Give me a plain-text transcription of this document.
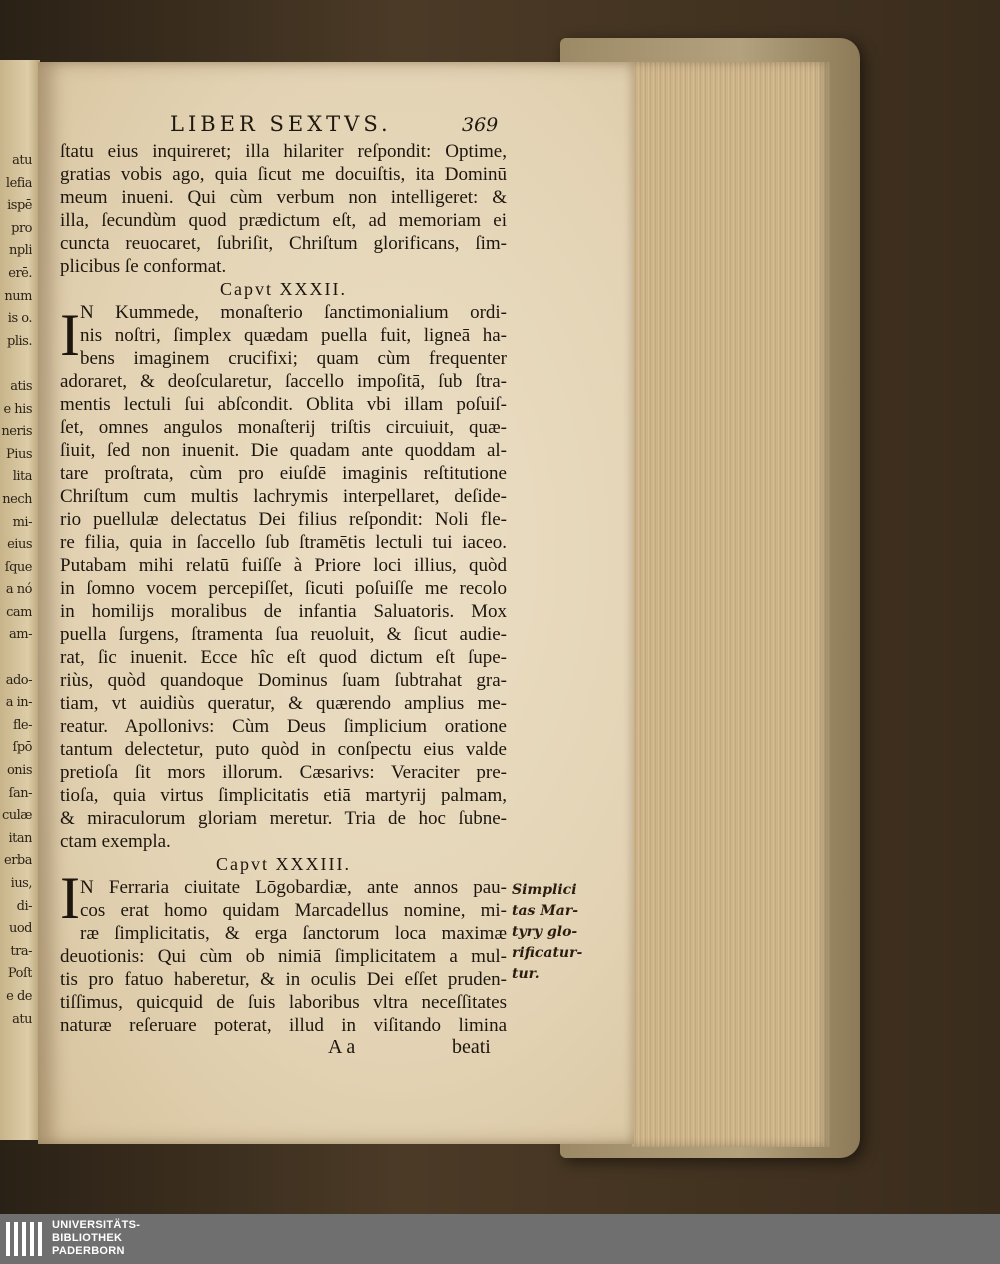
atu
lefia
ispē
pro
npli
erē.
num
is o.
plis.
atis
e his
neris
Pius
lita
nech
mi-
eius
ſque
a nó
cam
am-
ado-
a in-
fle-
ſpō
onis
ſan-
culæ
itan
erba
ius,
di-
uod
tra-
Poſt
e de
atu
LIBER SEXTVS.	369
ſtatu eius inquireret; illa hilariter reſpondit: Optime,
gratias vobis ago, quia ſicut me docuiſtis, ita Dominū
meum inueni. Qui cùm verbum non intelligeret: &
illa, ſecundùm quod prædictum eſt, ad memoriam ei
cuncta reuocaret, ſubriſit, Chriſtum glorificans, ſim-
plicibus ſe conformat.
Capvt XXXII.
N Kummede, monaſterio ſanctimonialium ordi-
nis noſtri, ſimplex quædam puella fuit, ligneā ha-
bens imaginem crucifixi; quam cùm frequenter
adoraret, & deoſcularetur, ſaccello impoſitā, ſub ſtra-
mentis lectuli ſui abſcondit. Oblita vbi illam poſuiſ-
ſet, omnes angulos monaſterij triſtis circuiuit, quæ-
ſiuit, ſed non inuenit. Die quadam ante quoddam al-
tare proſtrata, cùm pro eiuſdē imaginis reſtitutione
Chriſtum cum multis lachrymis interpellaret, deſide-
rio puellulæ delectatus Dei filius reſpondit: Noli fle-
re filia, quia in ſaccello ſub ſtramētis lectuli tui iaceo.
Putabam mihi relatū fuiſſe à Priore loci illius, quòd
in ſomno vocem percepiſſet, ſicuti poſuiſſe me recolo
in homilijs moralibus de infantia Saluatoris. Mox
puella ſurgens, ſtramenta ſua reuoluit, & ſicut audie-
rat, ſic inuenit. Ecce hîc eſt quod dictum eſt ſupe-
riùs, quòd quandoque Dominus ſuam ſubtrahat gra-
tiam, vt auidiùs queratur, & quærendo amplius me-
reatur. Apollonivs: Cùm Deus ſimplicium oratione
tantum delectetur, puto quòd in conſpectu eius valde
pretioſa ſit mors illorum. Cæsarivs: Veraciter pre-
tioſa, quia virtus ſimplicitatis etiā martyrij palmam,
& miraculorum gloriam meretur. Tria de hoc ſubne-
ctam exempla.
Capvt XXXIII.
N Ferraria ciuitate Lōgobardiæ, ante annos pau-
cos erat homo quidam Marcadellus nomine, mi-
ræ ſimplicitatis, & erga ſanctorum loca maximæ
deuotionis: Qui cùm ob nimiā ſimplicitatem a mul-
tis pro fatuo haberetur, & in oculis Dei eſſet pruden-
tiſſimus, quicquid de ſuis laboribus vltra neceſſitates
naturæ reſeruare poterat, illud in viſitando limina
I
I	Simplici
tas Mar-
tyry glo-
rificatur-
tur.
A a	beati
UNIVERSITÄTS-
BIBLIOTHEK
PADERBORN
